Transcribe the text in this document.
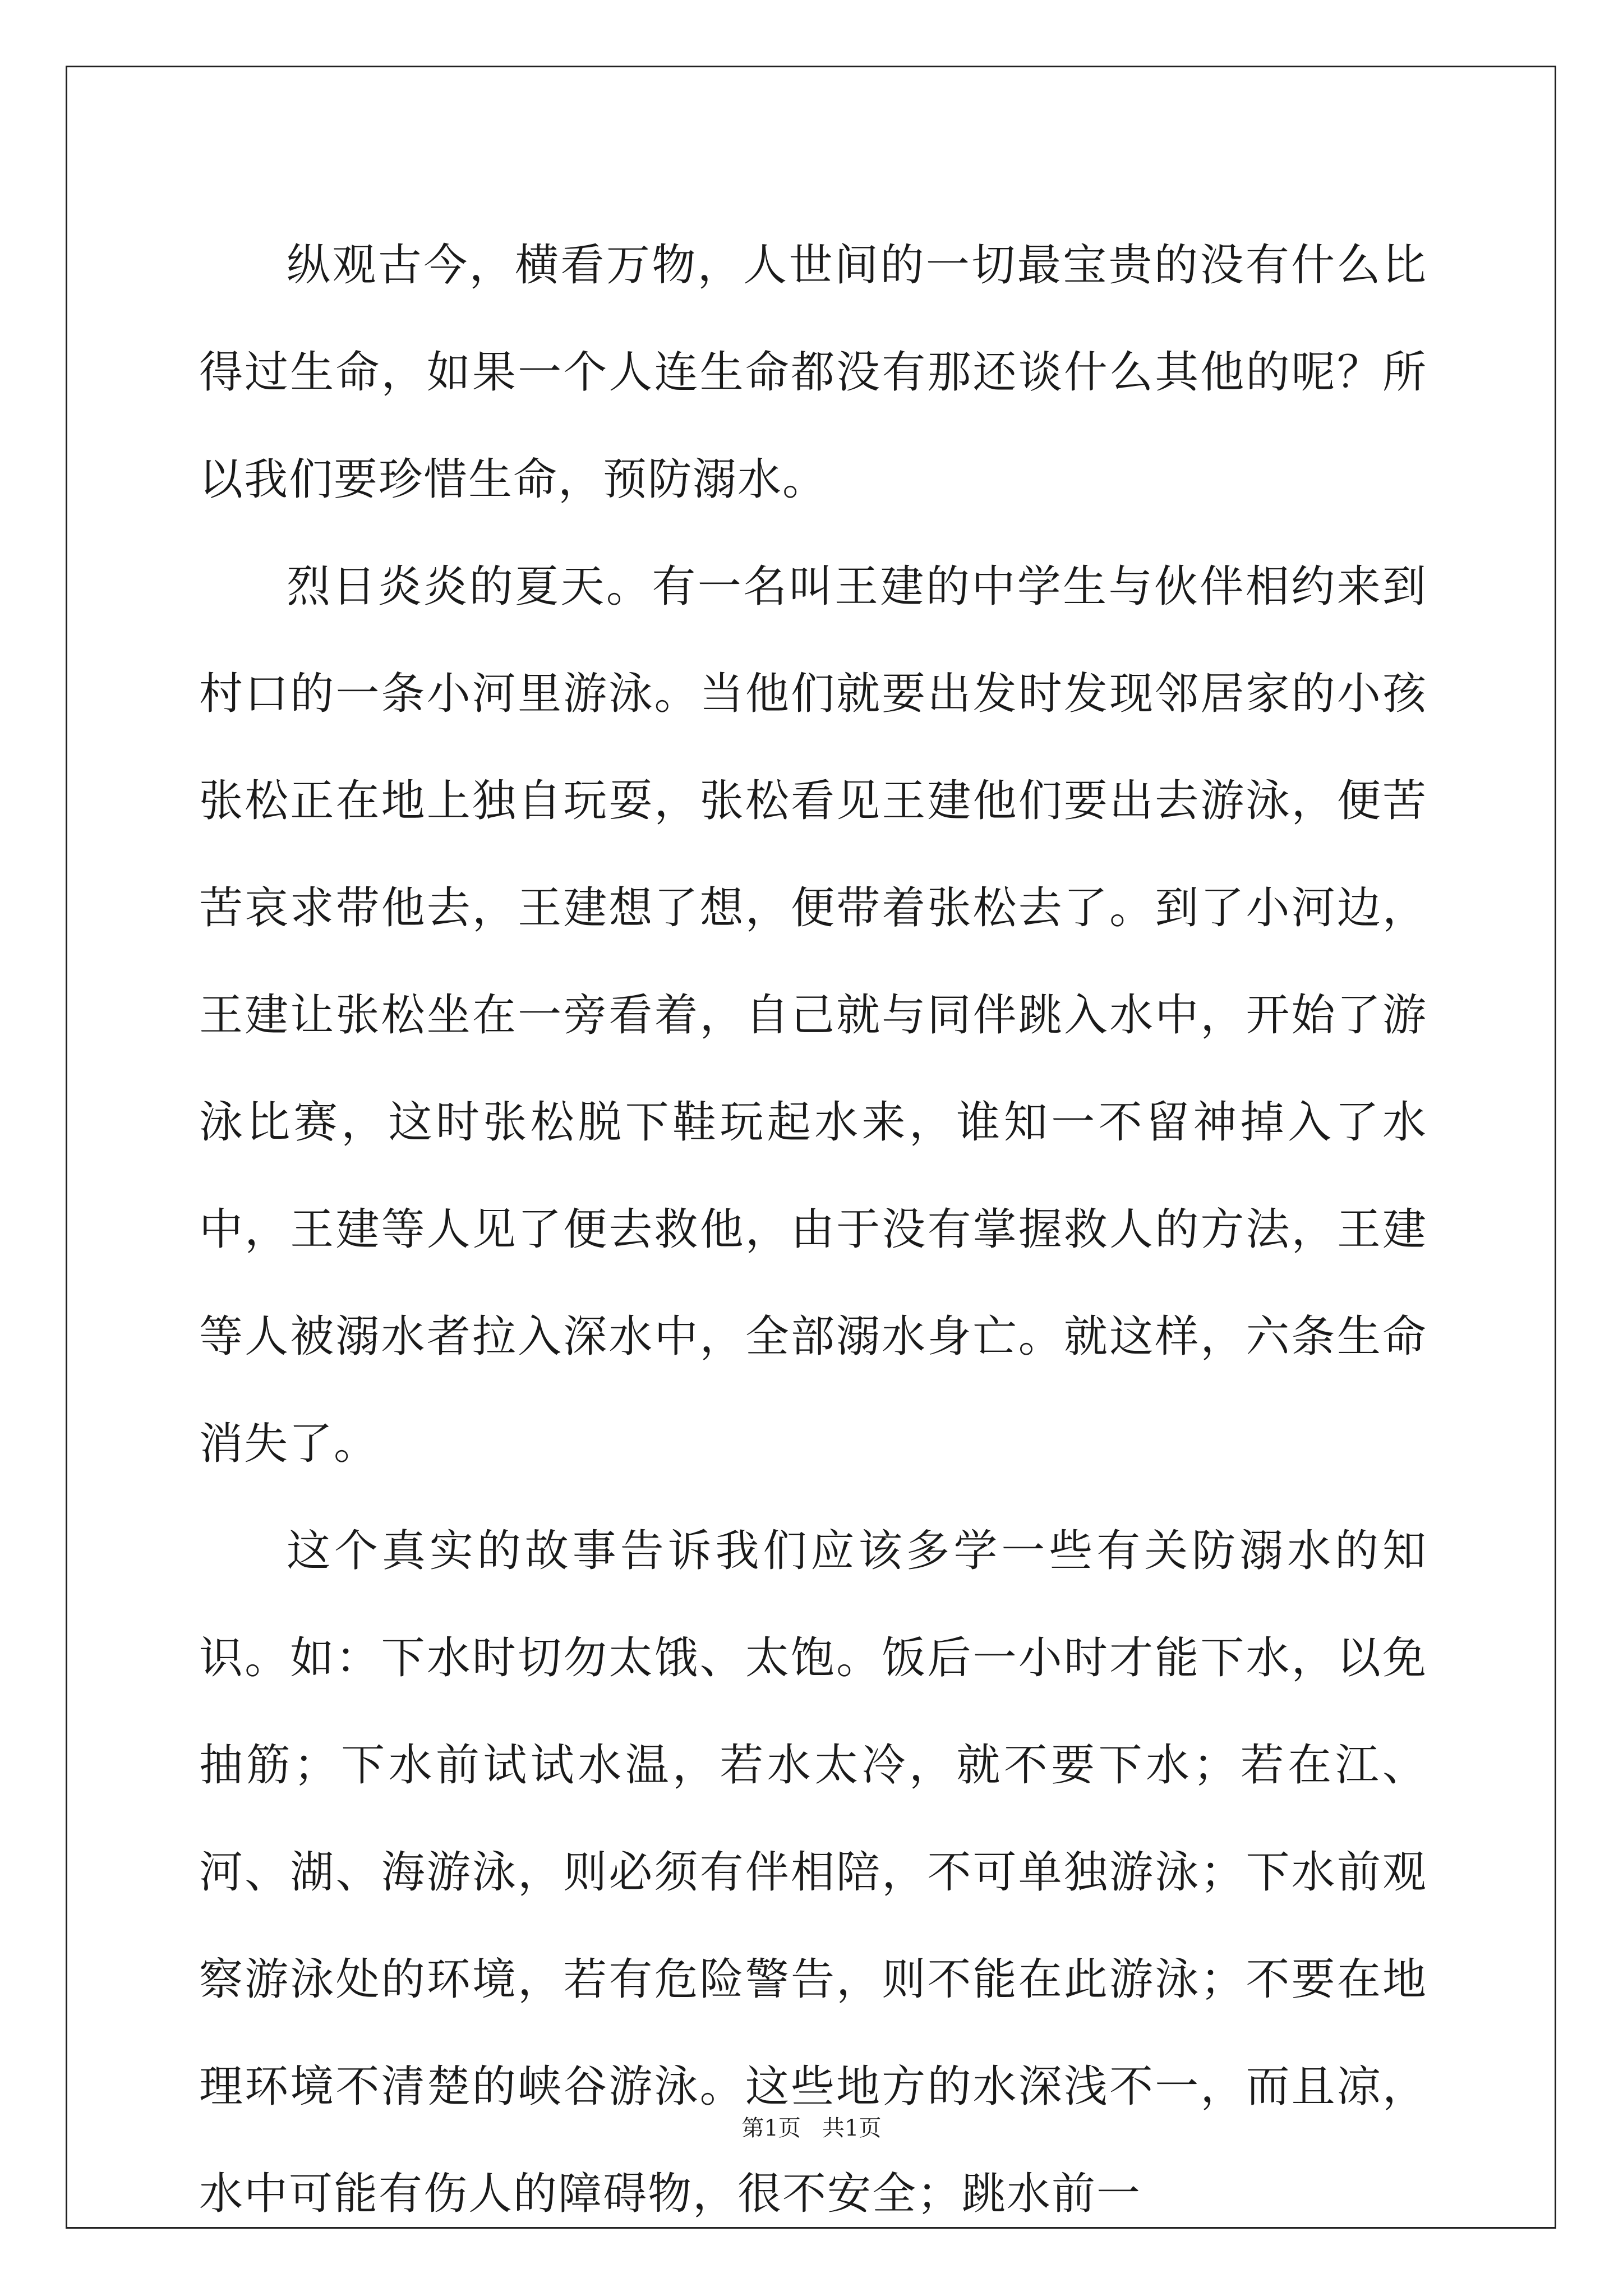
纵观古今，横看万物，人世间的一切最宝贵的没有什么比得过生命，如果一个人连生命都没有那还谈什么其他的呢？所以我们要珍惜生命，预防溺水。

烈日炎炎的夏天。有一名叫王建的中学生与伙伴相约来到村口的一条小河里游泳。当他们就要出发时发现邻居家的小孩张松正在地上独自玩耍，张松看见王建他们要出去游泳，便苦苦哀求带他去，王建想了想，便带着张松去了。到了小河边，王建让张松坐在一旁看着，自己就与同伴跳入水中，开始了游泳比赛，这时张松脱下鞋玩起水来，谁知一不留神掉入了水中，王建等人见了便去救他，由于没有掌握救人的方法，王建等人被溺水者拉入深水中，全部溺水身亡。就这样，六条生命消失了。

这个真实的故事告诉我们应该多学一些有关防溺水的知识。如：下水时切勿太饿、太饱。饭后一小时才能下水，以免抽筋；下水前试试水温，若水太冷，就不要下水；若在江、河、湖、海游泳，则必须有伴相陪，不可单独游泳；下水前观察游泳处的环境，若有危险警告，则不能在此游泳；不要在地理环境不清楚的峡谷游泳。这些地方的水深浅不一，而且凉，水中可能有伤人的障碍物，很不安全；跳水前一

第1页   共1页
